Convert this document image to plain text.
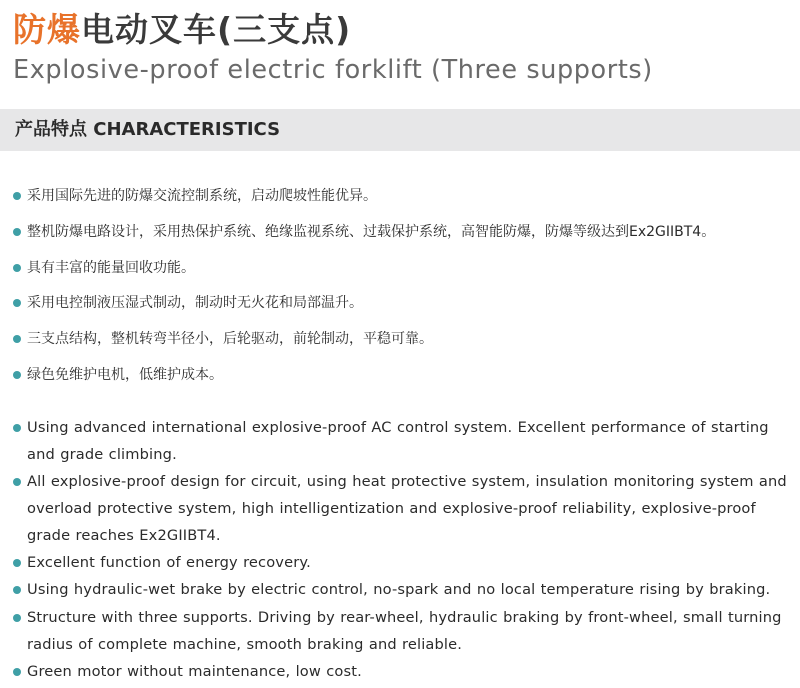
防爆电动叉车(三支点)
Explosive-proof electric forklift (Three supports)
产品特点 CHARACTERISTICS
采用国际先进的防爆交流控制系统，启动爬坡性能优异。
整机防爆电路设计，采用热保护系统、绝缘监视系统、过载保护系统，高智能防爆，防爆等级达到Ex2GIIBT4。
具有丰富的能量回收功能。
采用电控制液压湿式制动，制动时无火花和局部温升。
三支点结构，整机转弯半径小，后轮驱动，前轮制动，平稳可靠。
绿色免维护电机，低维护成本。
Using advanced international explosive-proof AC control system. Excellent performance of starting and grade climbing.
All explosive-proof design for circuit, using heat protective system, insulation monitoring system and overload protective system, high intelligentization and explosive-proof reliability, explosive-proof grade reaches Ex2GIIBT4.
Excellent function of energy recovery.
Using hydraulic-wet brake by electric control, no-spark and no local temperature rising by braking.
Structure with three supports. Driving by rear-wheel, hydraulic braking by front-wheel, small turning radius of complete machine, smooth braking and reliable.
Green motor without maintenance, low cost.
